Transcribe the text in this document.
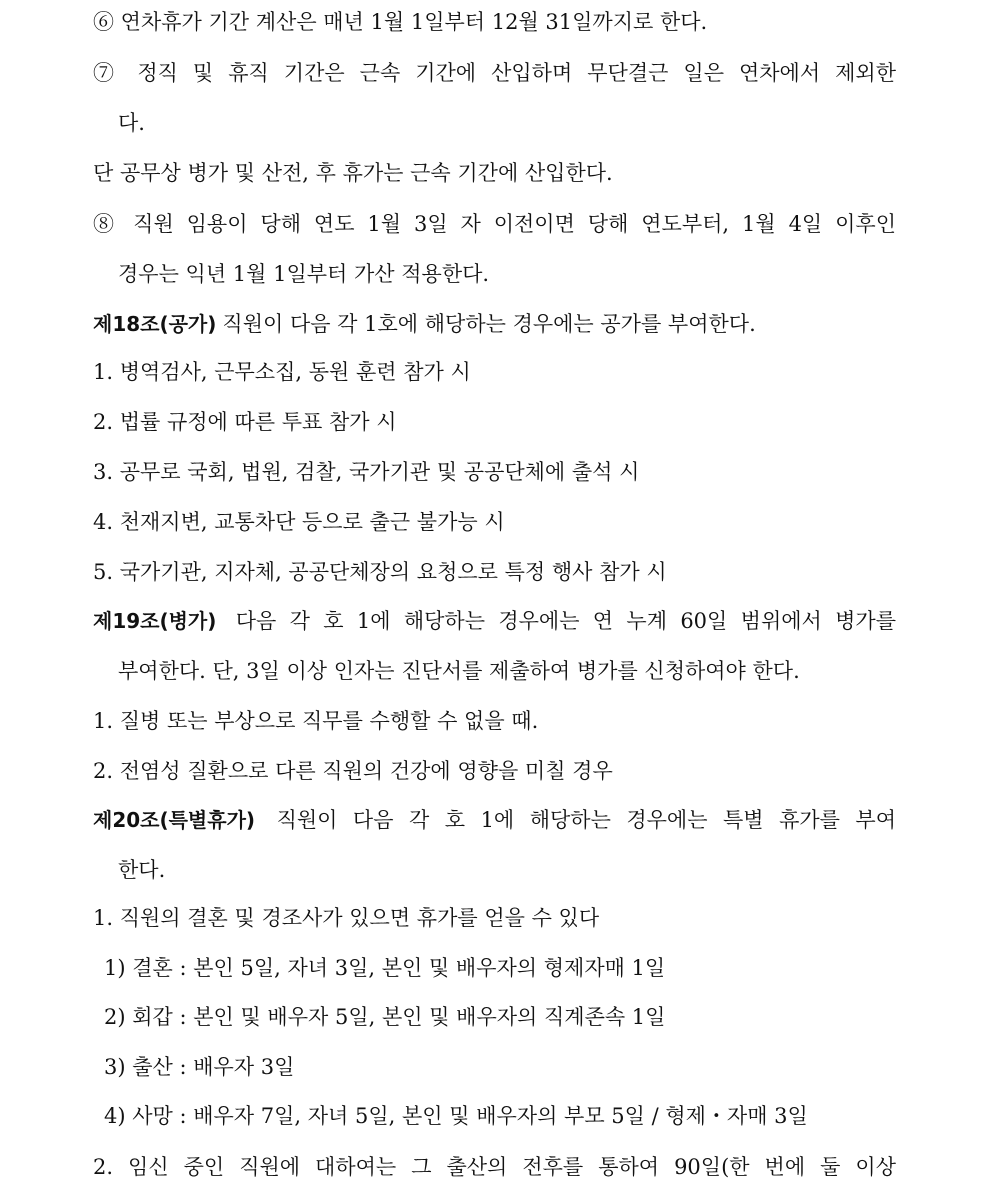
⑥ 연차휴가 기간 계산은 매년 1월 1일부터 12월 31일까지로 한다.
⑦ 정직 및 휴직 기간은 근속 기간에 산입하며 무단결근 일은 연차에서 제외한
다.
단 공무상 병가 및 산전, 후 휴가는 근속 기간에 산입한다.
⑧ 직원 임용이 당해 연도 1월 3일 자 이전이면 당해 연도부터, 1월 4일 이후인
경우는 익년 1월 1일부터 가산 적용한다.
제18조(공가) 직원이 다음 각 1호에 해당하는 경우에는 공가를 부여한다.
1. 병역검사, 근무소집, 동원 훈련 참가 시
2. 법률 규정에 따른 투표 참가 시
3. 공무로 국회, 법원, 검찰, 국가기관 및 공공단체에 출석 시
4. 천재지변, 교통차단 등으로 출근 불가능 시
5. 국가기관, 지자체, 공공단체장의 요청으로 특정 행사 참가 시
제19조(병가) 다음 각 호 1에 해당하는 경우에는 연 누계 60일 범위에서 병가를
부여한다. 단, 3일 이상 인자는 진단서를 제출하여 병가를 신청하여야 한다.
1. 질병 또는 부상으로 직무를 수행할 수 없을 때.
2. 전염성 질환으로 다른 직원의 건강에 영향을 미칠 경우
제20조(특별휴가) 직원이 다음 각 호 1에 해당하는 경우에는 특별 휴가를 부여
한다.
1. 직원의 결혼 및 경조사가 있으면 휴가를 얻을 수 있다
1) 결혼 : 본인 5일, 자녀 3일, 본인 및 배우자의 형제자매 1일
2) 회갑 : 본인 및 배우자 5일, 본인 및 배우자의 직계존속 1일
3) 출산 : 배우자 3일
4) 사망 : 배우자 7일, 자녀 5일, 본인 및 배우자의 부모 5일 / 형제・자매 3일
2. 임신 중인 직원에 대하여는 그 출산의 전후를 통하여 90일(한 번에 둘 이상
